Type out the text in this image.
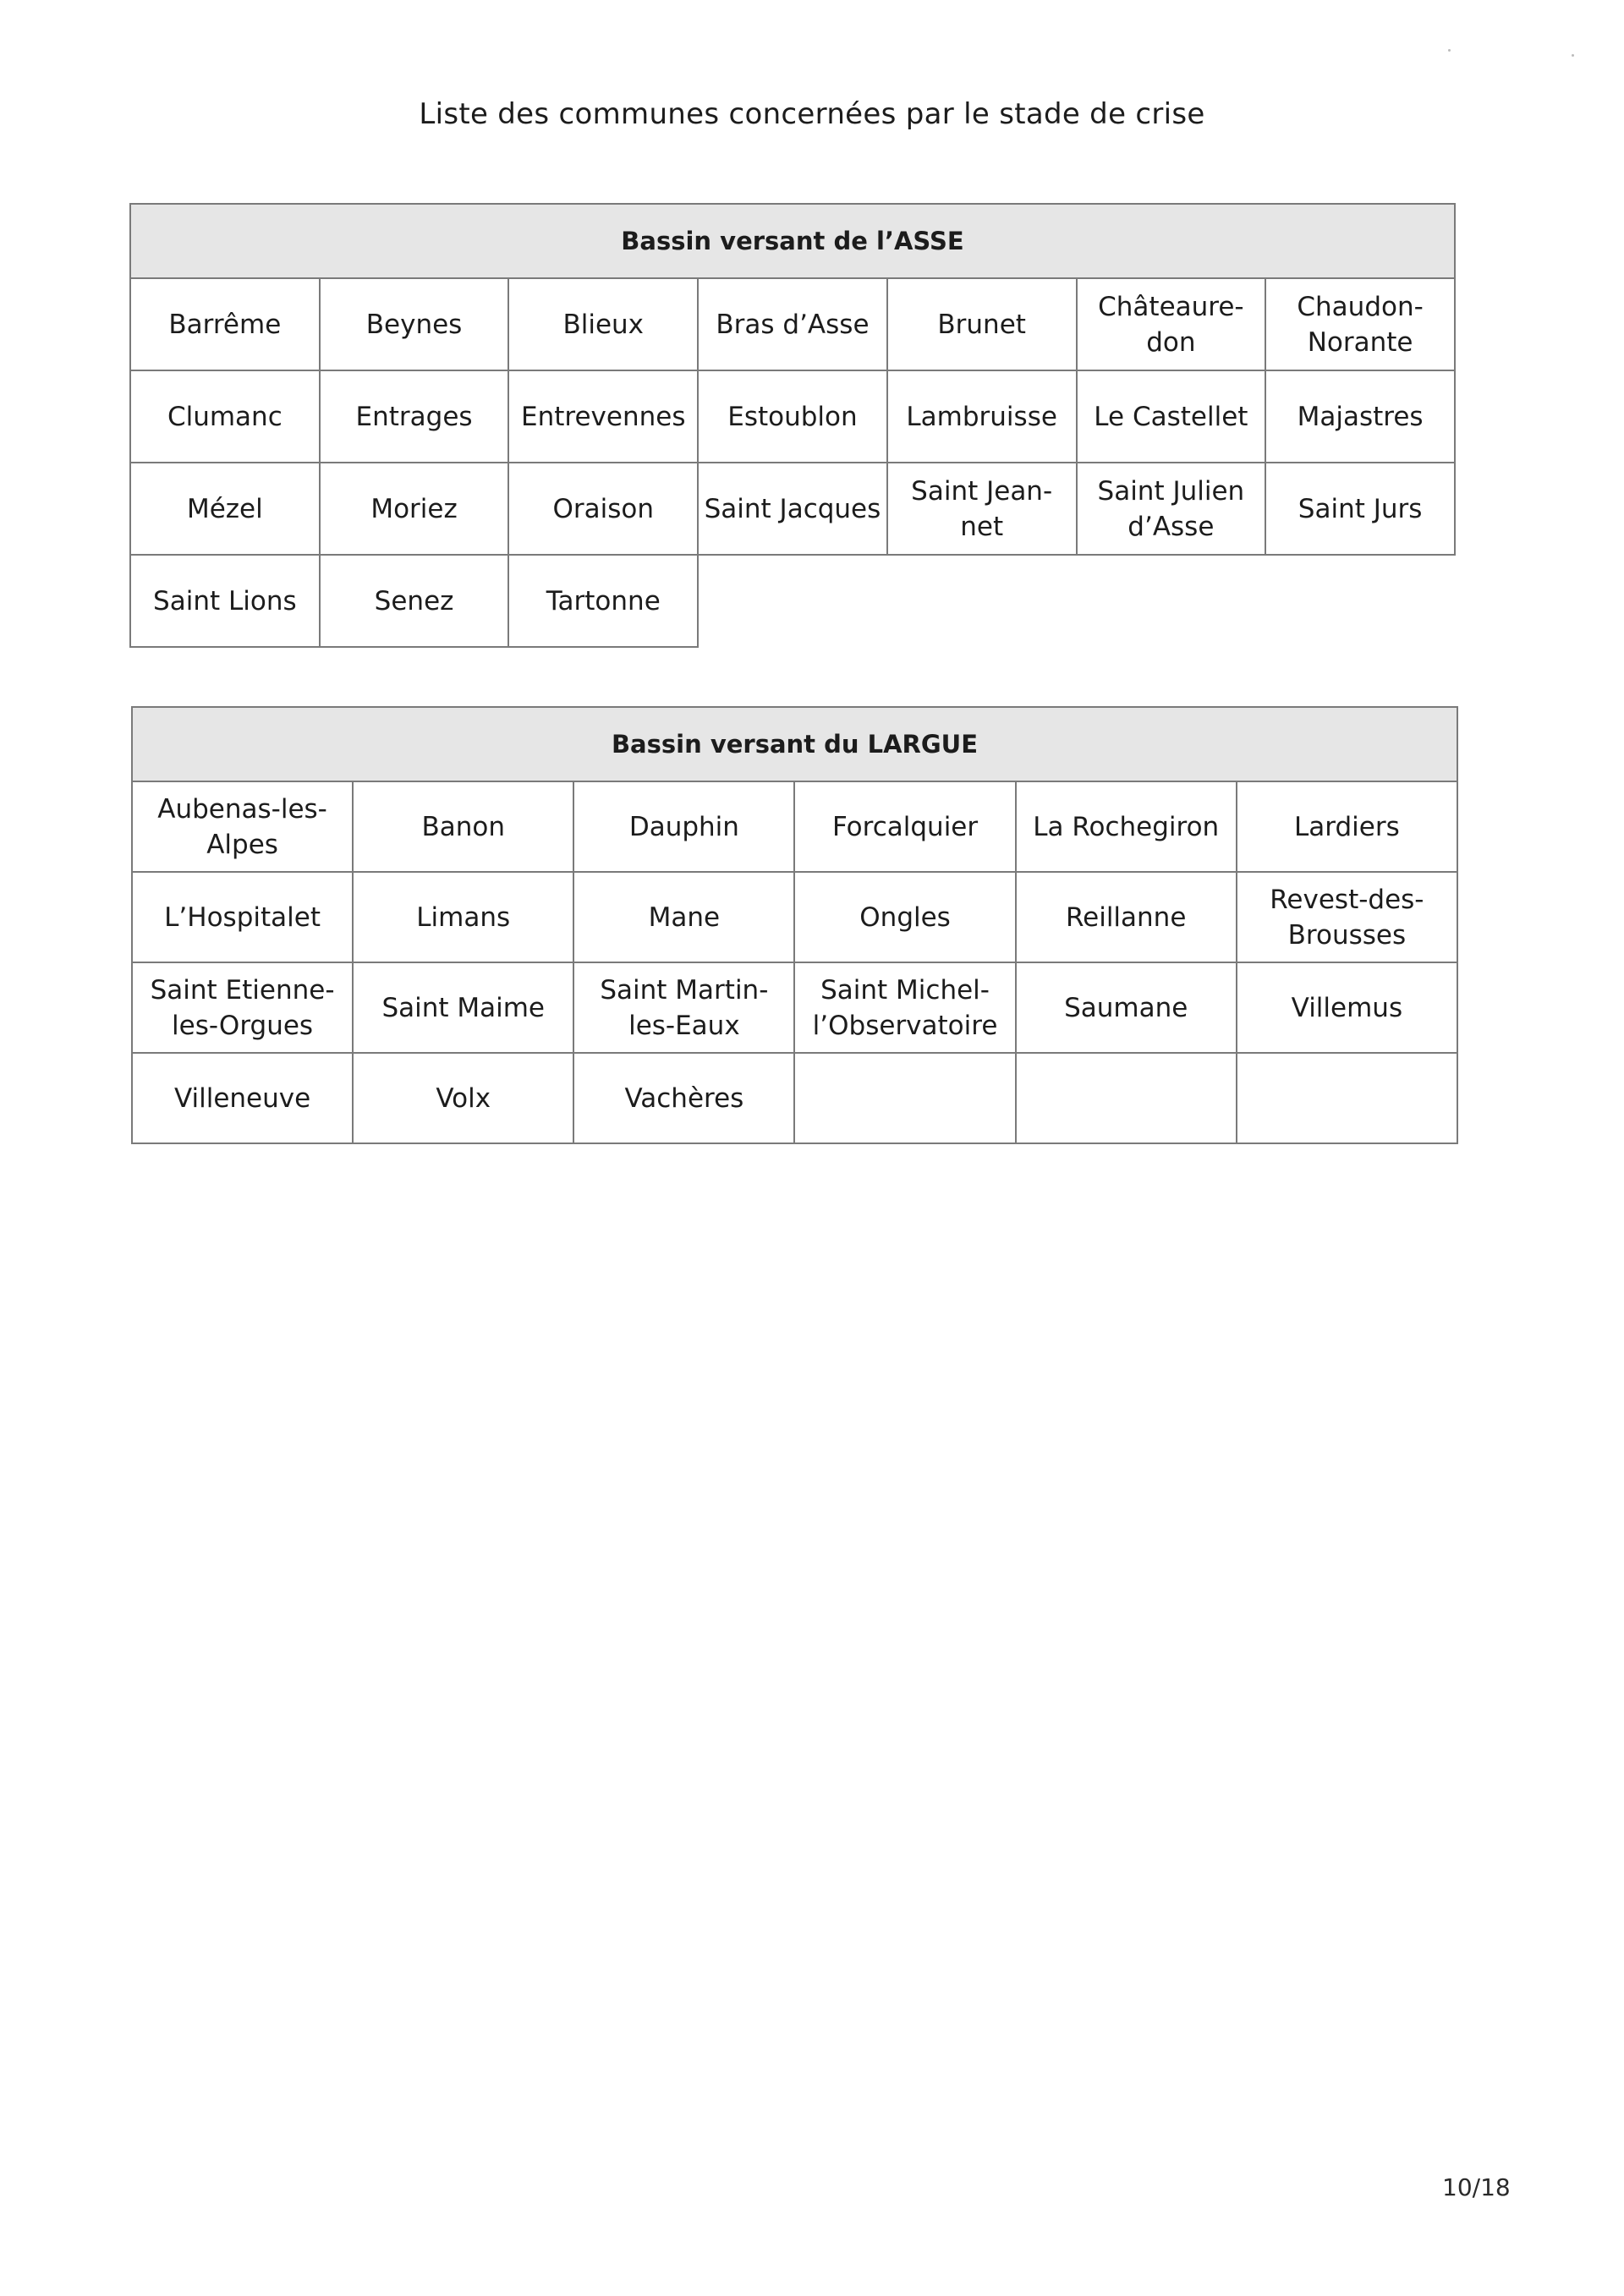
Liste des communes concernées par le stade de crise
Bassin versant de l’ASSE						
Barrême	Beynes	Blieux	Bras d’Asse	Brunet	Châteaure-don	Chaudon-Norante
Clumanc	Entrages	Entrevennes	Estoublon	Lambruisse	Le Castellet	Majastres
Mézel	Moriez	Oraison	Saint Jacques	Saint Jean-net	Saint Julien d’Asse	Saint Jurs
Saint Lions	Senez	Tartonne				
Bassin versant du LARGUE					
Aubenas-les-Alpes	Banon	Dauphin	Forcalquier	La Rochegiron	Lardiers
L’Hospitalet	Limans	Mane	Ongles	Reillanne	Revest-des-Brousses
Saint Etienne-les-Orgues	Saint Maime	Saint Martin-les-Eaux	Saint Michel-l’Observatoire	Saumane	Villemus
Villeneuve	Volx	Vachères			
10/18
